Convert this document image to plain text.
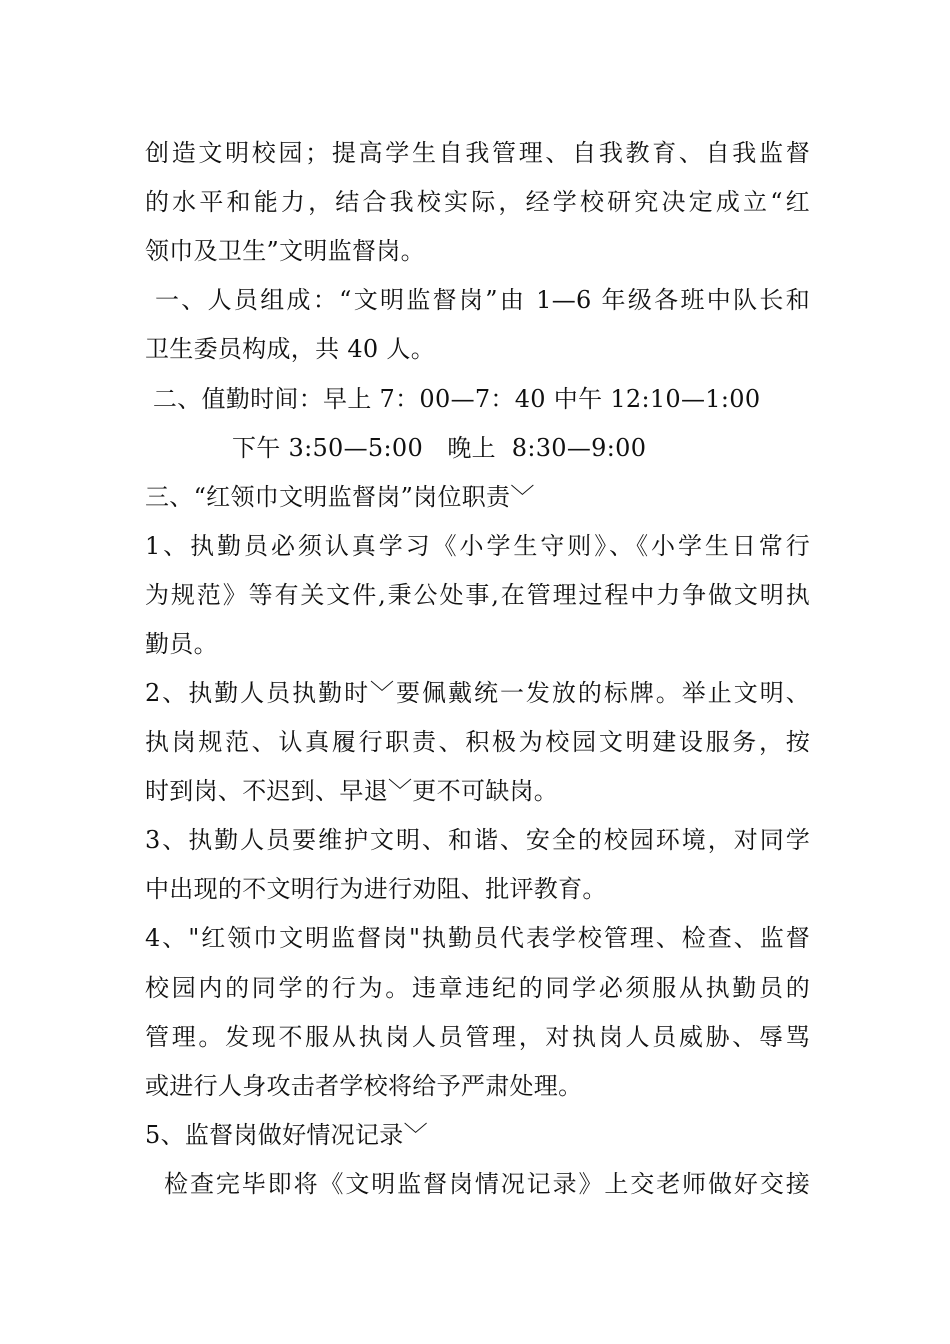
创造文明校园；提高学生自我管理、自我教育、自我监督
的水平和能力，结合我校实际，经学校研究决定成立“红
领巾及卫生”文明监督岗。
一、人员组成：“文明监督岗”由 1—6 年级各班中队长和
卫生委员构成，共 40 人。
二、值勤时间：早上 7：00—7：40 中午 12:10—1:00
下午 3:50—5:00　晚上  8:30—9:00
三、“红领巾文明监督岗”岗位职责﹀
1、执勤员必须认真学习《小学生守则》、《小学生日常行
为规范》等有关文件,秉公处事,在管理过程中力争做文明执
勤员。
2、执勤人员执勤时﹀要佩戴统一发放的标牌。举止文明、
执岗规范、认真履行职责、积极为校园文明建设服务，按
时到岗、不迟到、早退﹀更不可缺岗。
3、执勤人员要维护文明、和谐、安全的校园环境，对同学
中出现的不文明行为进行劝阻、批评教育。
4、"红领巾文明监督岗"执勤员代表学校管理、检查、监督
校园内的同学的行为。违章违纪的同学必须服从执勤员的
管理。发现不服从执岗人员管理，对执岗人员威胁、辱骂
或进行人身攻击者学校将给予严肃处理。
5、监督岗做好情况记录﹀
检查完毕即将《文明监督岗情况记录》上交老师做好交接
